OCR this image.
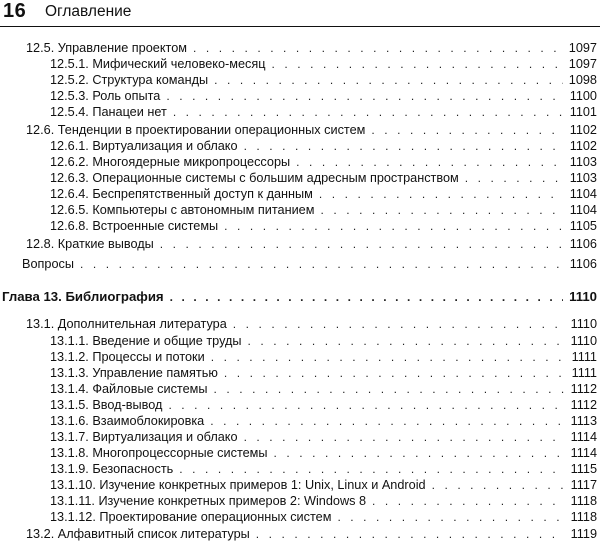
16 Оглавление
12.5. Управление проектом . . .	1097
12.5.1. Мифический человеко-месяц . . .	1097
12.5.2. Структура команды . . .	1098
12.5.3. Роль опыта . . .	1100
12.5.4. Панацеи нет . . .	1101
12.6. Тенденции в проектировании операционных систем . . .	1102
12.6.1. Виртуализация и облако . . .	1102
12.6.2. Многоядерные микропроцессоры . . .	1103
12.6.3. Операционные системы с большим адресным пространством . . .	1103
12.6.4. Беспрепятственный доступ к данным . . .	1104
12.6.5. Компьютеры с автономным питанием . . .	1104
12.6.8. Встроенные системы . . .	1105
12.8. Краткие выводы . . .	1106
Вопросы . . .	1106
Глава 13. Библиография . . .	1110
13.1. Дополнительная литература . . .	1110
13.1.1. Введение и общие труды . . .	1110
13.1.2. Процессы и потоки . . .	1111
13.1.3. Управление памятью . . .	1111
13.1.4. Файловые системы . . .	1112
13.1.5. Ввод-вывод . . .	1112
13.1.6. Взаимоблокировка . . .	1113
13.1.7. Виртуализация и облако . . .	1114
13.1.8. Многопроцессорные системы . . .	1114
13.1.9. Безопасность . . .	1115
13.1.10. Изучение конкретных примеров 1: Unix, Linux и Android . . .	1117
13.1.11. Изучение конкретных примеров 2: Windows 8 . . .	1118
13.1.12. Проектирование операционных систем . . .	1118
13.2. Алфавитный список литературы . . .	1119
